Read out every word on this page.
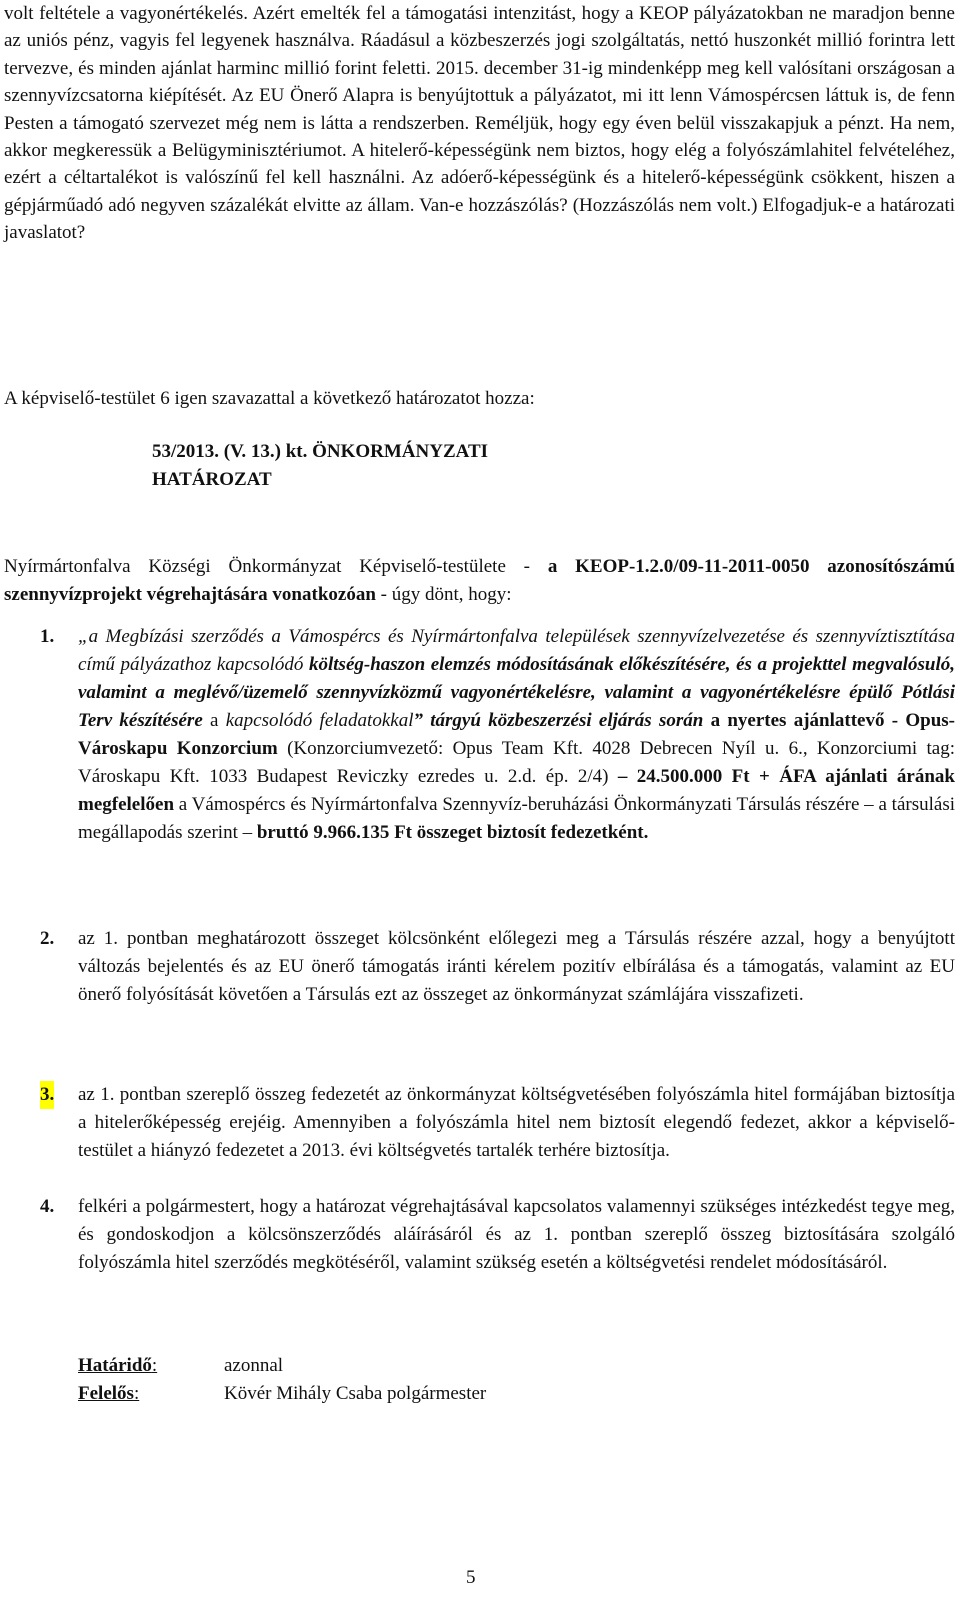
volt feltétele a vagyonértékelés. Azért emelték fel a támogatási intenzitást, hogy a KEOP pályázatokban ne maradjon benne az uniós pénz, vagyis fel legyenek használva. Ráadásul a közbeszerzés jogi szolgáltatás, nettó huszonkét millió forintra lett tervezve, és minden ajánlat harminc millió forint feletti. 2015. december 31-ig mindenképp meg kell valósítani országosan a szennyvízcsatorna kiépítését. Az EU Önerő Alapra is benyújtottuk a pályázatot, mi itt lenn Vámospércsen láttuk is, de fenn Pesten a támogató szervezet még nem is látta a rendszerben. Reméljük, hogy egy éven belül visszakapjuk a pénzt. Ha nem, akkor megkeressük a Belügyminisztériumot. A hitelerő-képességünk nem biztos, hogy elég a folyószámlahitel felvételéhez, ezért a céltartalékot is valószínű fel kell használni. Az adóerő-képességünk és a hitelerő-képességünk csökkent, hiszen a gépjárműadó adó negyven százalékát elvitte az állam. Van-e hozzászólás? (Hozzászólás nem volt.) Elfogadjuk-e a határozati javaslatot?

A képviselő-testület 6 igen szavazattal a következő határozatot hozza:

53/2013. (V. 13.) kt. ÖNKORMÁNYZATI
HATÁROZAT

Nyírmártonfalva Községi Önkormányzat Képviselő-testülete - a KEOP-1.2.0/09-11-2011-0050 azonosítószámú szennyvízprojekt végrehajtására vonatkozóan - úgy dönt, hogy:

1. „a Megbízási szerződés a Vámospércs és Nyírmártonfalva települések szennyvízelvezetése és szennyvíztisztítása című pályázathoz kapcsolódó költség-haszon elemzés módosításának előkészítésére, és a projekttel megvalósuló, valamint a meglévő/üzemelő szennyvízközmű vagyonértékelésre, valamint a vagyonértékelésre épülő Pótlási Terv készítésére a kapcsolódó feladatokkal” tárgyú közbeszerzési eljárás során a nyertes ajánlattevő - Opus-Városkapu Konzorcium (Konzorciumvezető: Opus Team Kft. 4028 Debrecen Nyíl u. 6., Konzorciumi tag: Városkapu Kft. 1033 Budapest Reviczky ezredes u. 2.d. ép. 2/4) – 24.500.000 Ft + ÁFA ajánlati árának megfelelően a Vámospércs és Nyírmártonfalva Szennyvíz-beruházási Önkormányzati Társulás részére – a társulási megállapodás szerint – bruttó 9.966.135 Ft összeget biztosít fedezetként.
2. az 1. pontban meghatározott összeget kölcsönként előlegezi meg a Társulás részére azzal, hogy a benyújtott változás bejelentés és az EU önerő támogatás iránti kérelem pozitív elbírálása és a támogatás, valamint az EU önerő folyósítását követően a Társulás ezt az összeget az önkormányzat számlájára visszafizeti.
3. az 1. pontban szereplő összeg fedezetét az önkormányzat költségvetésében folyószámla hitel formájában biztosítja a hitelerőképesség erejéig. Amennyiben a folyószámla hitel nem biztosít elegendő fedezet, akkor a képviselő-testület a hiányzó fedezetet a 2013. évi költségvetés tartalék terhére biztosítja.
4. felkéri a polgármestert, hogy a határozat végrehajtásával kapcsolatos valamennyi szükséges intézkedést tegye meg, és gondoskodjon a kölcsönszerződés aláírásáról és az 1. pontban szereplő összeg biztosítására szolgáló folyószámla hitel szerződés megkötéséről, valamint szükség esetén a költségvetési rendelet módosításáról.
Határidő:	azonnal
Felelős:	Kövér Mihály Csaba polgármester
5
